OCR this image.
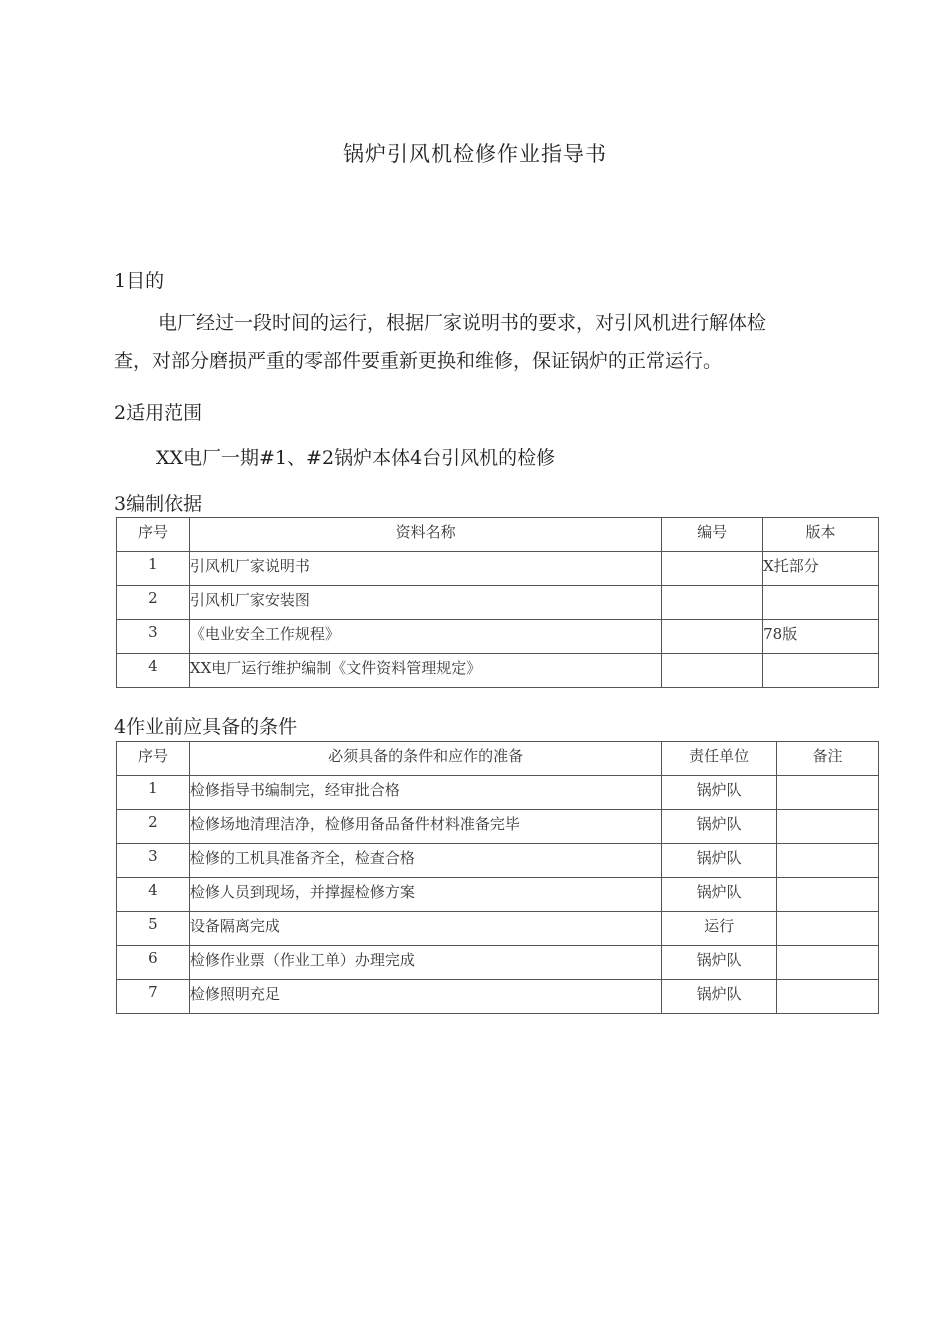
锅炉引风机检修作业指导书
1目的
电厂经过一段时间的运行，根据厂家说明书的要求，对引风机进行解体检
查，对部分磨损严重的零部件要重新更换和维修，保证锅炉的正常运行。
2适用范围
XX电厂一期#1、#2锅炉本体4台引风机的检修
3编制依据
序号	资料名称	编号	版本
1	引风机厂家说明书		X托部分
2	引风机厂家安装图		
3	《电业安全工作规程》		78版
4	XX电厂运行维护编制《文件资料管理规定》		
4作业前应具备的条件
序号	必须具备的条件和应作的准备	责任单位	备注
1	检修指导书编制完，经审批合格	锅炉队	
2	检修场地清理洁净，检修用备品备件材料准备完毕	锅炉队	
3	检修的工机具准备齐全，检查合格	锅炉队	
4	检修人员到现场，并撑握检修方案	锅炉队	
5	设备隔离完成	运行	
6	检修作业票（作业工单）办理完成	锅炉队	
7	检修照明充足	锅炉队	
